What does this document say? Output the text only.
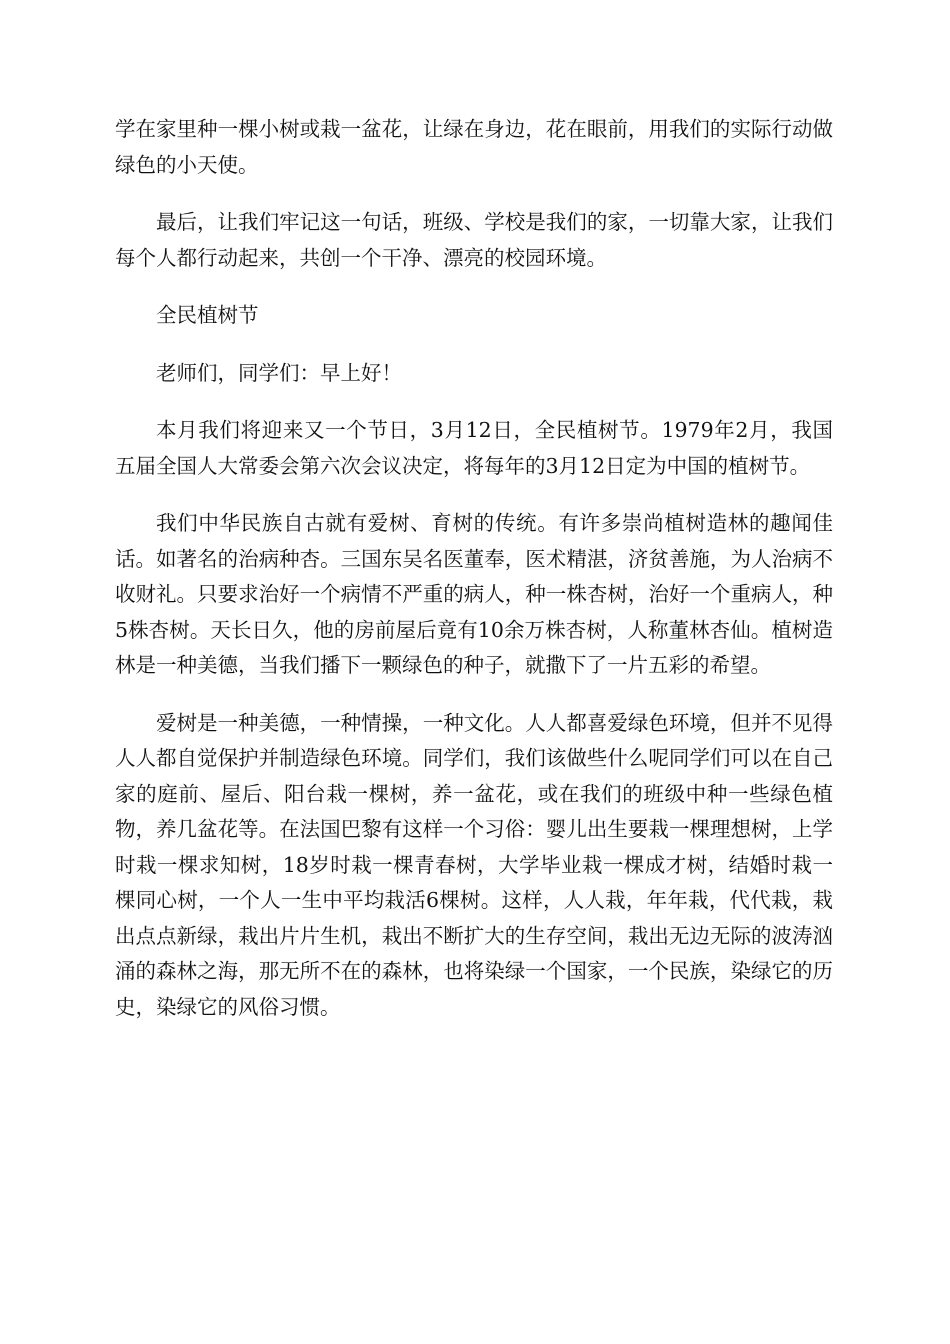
学在家里种一棵小树或栽一盆花，让绿在身边，花在眼前，用我们的实际行动做绿色的小天使。

最后，让我们牢记这一句话，班级、学校是我们的家，一切靠大家，让我们每个人都行动起来，共创一个干净、漂亮的校园环境。

全民植树节

老师们，同学们：早上好！

本月我们将迎来又一个节日，3月12日，全民植树节。1979年2月，我国五届全国人大常委会第六次会议决定，将每年的3月12日定为中国的植树节。

我们中华民族自古就有爱树、育树的传统。有许多崇尚植树造林的趣闻佳话。如著名的治病种杏。三国东吴名医董奉，医术精湛，济贫善施，为人治病不收财礼。只要求治好一个病情不严重的病人，种一株杏树，治好一个重病人，种5株杏树。天长日久，他的房前屋后竟有10余万株杏树，人称董林杏仙。植树造林是一种美德，当我们播下一颗绿色的种子，就撒下了一片五彩的希望。

爱树是一种美德，一种情操，一种文化。人人都喜爱绿色环境，但并不见得人人都自觉保护并制造绿色环境。同学们，我们该做些什么呢同学们可以在自己家的庭前、屋后、阳台栽一棵树，养一盆花，或在我们的班级中种一些绿色植物，养几盆花等。在法国巴黎有这样一个习俗：婴儿出生要栽一棵理想树，上学时栽一棵求知树，18岁时栽一棵青春树，大学毕业栽一棵成才树，结婚时栽一棵同心树，一个人一生中平均栽活6棵树。这样，人人栽，年年栽，代代栽，栽出点点新绿，栽出片片生机，栽出不断扩大的生存空间，栽出无边无际的波涛汹涌的森林之海，那无所不在的森林，也将染绿一个国家，一个民族，染绿它的历史，染绿它的风俗习惯。
